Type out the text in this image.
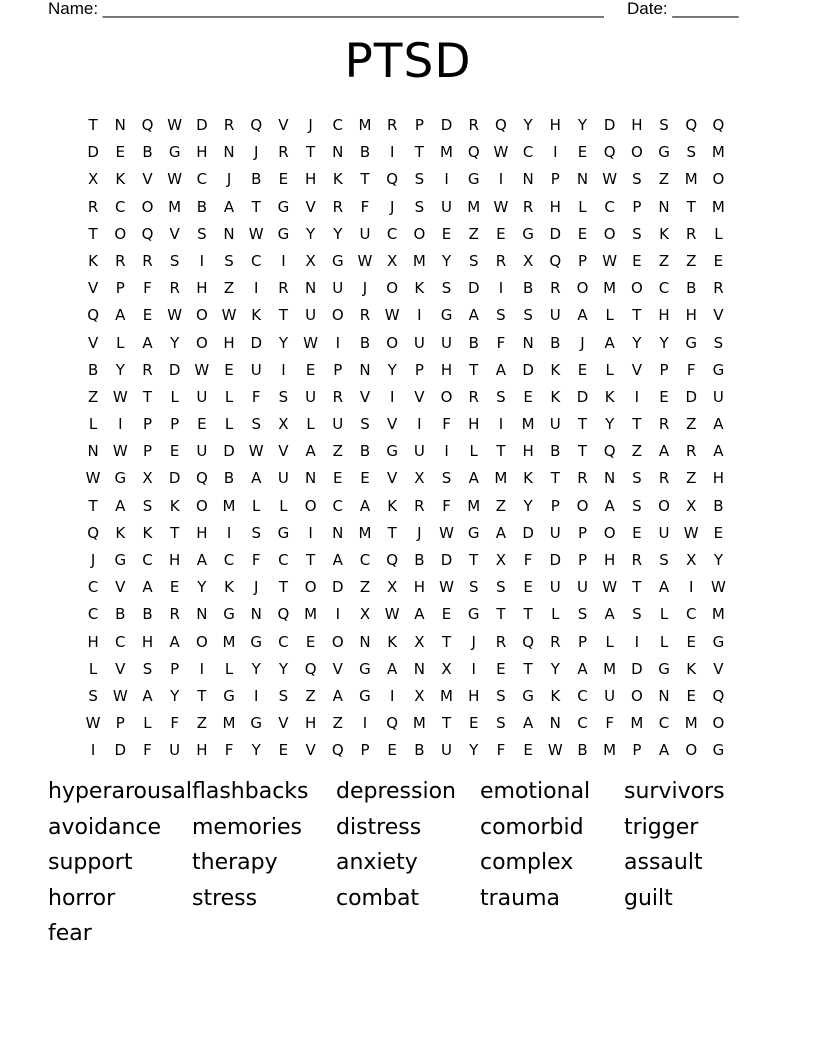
Name: _____________________________________________________ Date: _______
PTSD
T	N Q W D	R	Q	V	J	C M R	P	D	R	Q	Y	H	Y	D H	S	Q Q
D	E	B	G H N	J	R	T	N	B	I	T	M Q W C	I	E	Q O G	S M
X	K	V W C	J	B	E	H	K	T	Q	S	I	G	I	N	P	N W S	Z M O
R	C	O M B	A	T	G	V	R	F	J	S	U M W R	H	L	C	P	N	T	M
T	O Q	V	S	N W G	Y	Y	U	C	O	E	Z	E	G D	E	O	S	K	R	L
K	R	R	S	I	S	C	I	X	G W X M	Y	S	R	X	Q	P W E	Z	Z	E
V	P	F	R	H	Z	I	R	N	U	J	O	K	S	D	I	B	R	O M O	C	B	R
Q	A	E W O W K	T	U O	R W	I	G	A	S	S	U	A	L	T	H H	V
V	L	A	Y	O H D	Y W	I	B	O U	U	B	F	N	B	J	A	Y	Y	G	S
B	Y	R	D W E	U	I	E	P	N	Y	P	H	T	A	D	K	E	L	V	P	F	G
Z W T	L	U	L	F	S	U	R	V	I	V	O	R	S	E	K	D	K	I	E	D U
L	I	P	P	E	L	S	X	L	U	S	V	I	F	H	I	M U	T	Y	T	R	Z	A
N W P	E	U D W V	A	Z	B	G U	I	L	T	H	B	T	Q	Z	A	R	A
W G	X	D Q	B	A	U	N	E	E	V	X	S	A M K	T	R	N	S	R	Z	H
T	A	S	K	O M	L	L	O	C	A	K	R	F	M Z	Y	P	O	A	S	O	X	B
Q	K	K	T	H	I	S	G	I	N M	T	J	W G	A	D U	P	O	E	U W E
J	G	C	H	A	C	F	C	T	A	C	Q	B	D	T	X	F	D	P	H	R	S	X	Y
C	V	A	E	Y	K	J	T	O D	Z	X	H W S	S	E	U	U W T	A	I	W
C	B	B	R	N G N Q M	I	X W A	E	G	T	T	L	S	A	S	L	C M
H	C	H	A	O M G	C	E	O N	K	X	T	J	R	Q	R	P	L	I	L	E	G
L	V	S	P	I	L	Y	Y	Q	V	G	A	N	X	I	E	T	Y	A M D G	K	V
S W A	Y	T	G	I	S	Z	A	G	I	X M H	S	G	K	C	U O N	E	Q
W P	L	F	Z M G	V	H	Z	I	Q M	T	E	S	A	N	C	F	M C M O
I	D	F	U	H	F	Y	E	V	Q	P	E	B	U	Y	F	E W B M	P	A	O G
hyperarousal flashbacks	depression	emotional	survivors
avoidance	memories	distress	comorbid	trigger
support	therapy	anxiety	complex	assault
horror	stress	combat	trauma	guilt
fear
